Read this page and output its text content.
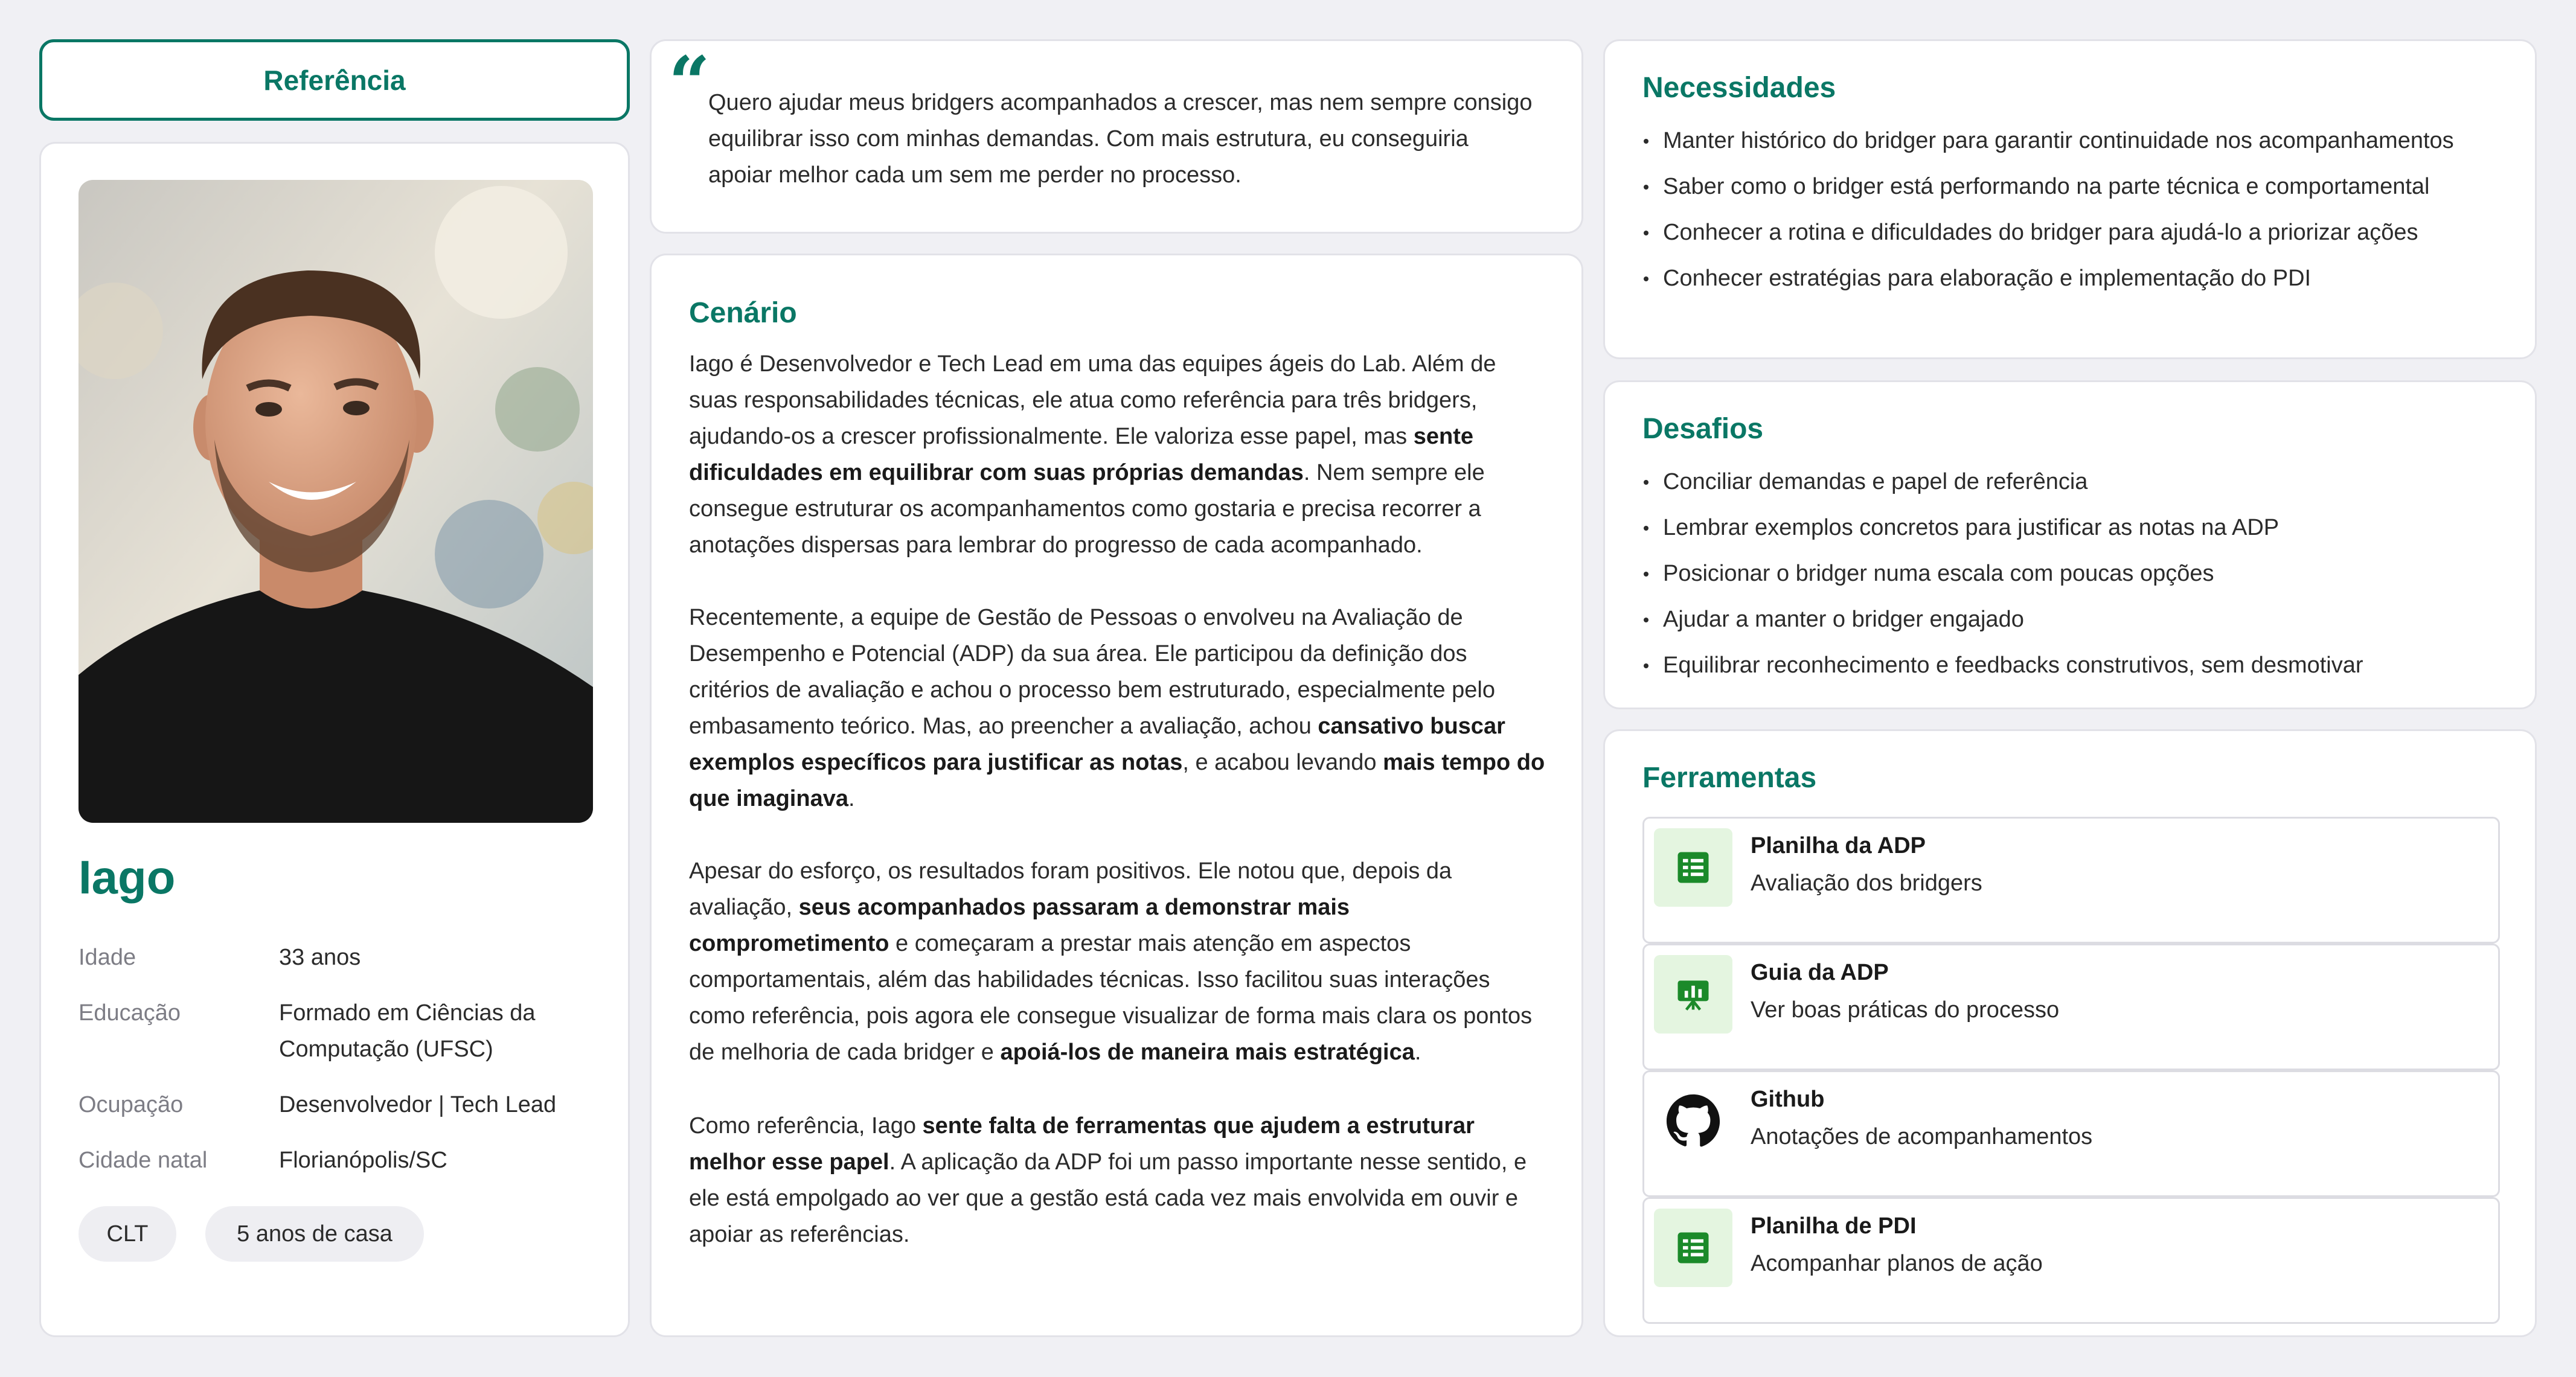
Referência
Iago
Idade	33 anos
Educação	Formado em Ciências da Computação (UFSC)
Ocupação	Desenvolvedor | Tech Lead
Cidade natal	Florianópolis/SC
CLT	5 anos de casa
“
Quero ajudar meus bridgers acompanhados a crescer, mas nem sempre consigo equilibrar isso com minhas demandas. Com mais estrutura, eu conseguiria apoiar melhor cada um sem me perder no processo.
Cenário

Iago é Desenvolvedor e Tech Lead em uma das equipes ágeis do Lab. Além de suas responsabilidades técnicas, ele atua como referência para três bridgers, ajudando-os a crescer profissionalmente. Ele valoriza esse papel, mas sente dificuldades em equilibrar com suas próprias demandas. Nem sempre ele consegue estruturar os acompanhamentos como gostaria e precisa recorrer a anotações dispersas para lembrar do progresso de cada acompanhado.

Recentemente, a equipe de Gestão de Pessoas o envolveu na Avaliação de Desempenho e Potencial (ADP) da sua área. Ele participou da definição dos critérios de avaliação e achou o processo bem estruturado, especialmente pelo embasamento teórico. Mas, ao preencher a avaliação, achou cansativo buscar exemplos específicos para justificar as notas, e acabou levando mais tempo do que imaginava.

Apesar do esforço, os resultados foram positivos. Ele notou que, depois da avaliação, seus acompanhados passaram a demonstrar mais comprometimento e começaram a prestar mais atenção em aspectos comportamentais, além das habilidades técnicas. Isso facilitou suas interações como referência, pois agora ele consegue visualizar de forma mais clara os pontos de melhoria de cada bridger e apoiá-los de maneira mais estratégica.

Como referência, Iago sente falta de ferramentas que ajudem a estruturar melhor esse papel. A aplicação da ADP foi um passo importante nesse sentido, e ele está empolgado ao ver que a gestão está cada vez mais envolvida em ouvir e apoiar as referências.

Necessidades
Manter histórico do bridger para garantir continuidade nos acompanhamentos
Saber como o bridger está performando na parte técnica e comportamental
Conhecer a rotina e dificuldades do bridger para ajudá-lo a priorizar ações
Conhecer estratégias para elaboração e implementação do PDI
Desafios
Conciliar demandas e papel de referência
Lembrar exemplos concretos para justificar as notas na ADP
Posicionar o bridger numa escala com poucas opções
Ajudar a manter o bridger engajado
Equilibrar reconhecimento e feedbacks construtivos, sem desmotivar
Ferramentas
Planilha da ADP
Avaliação dos bridgers
Guia da ADP
Ver boas práticas do processo
Github
Anotações de acompanhamentos
Planilha de PDI
Acompanhar planos de ação
